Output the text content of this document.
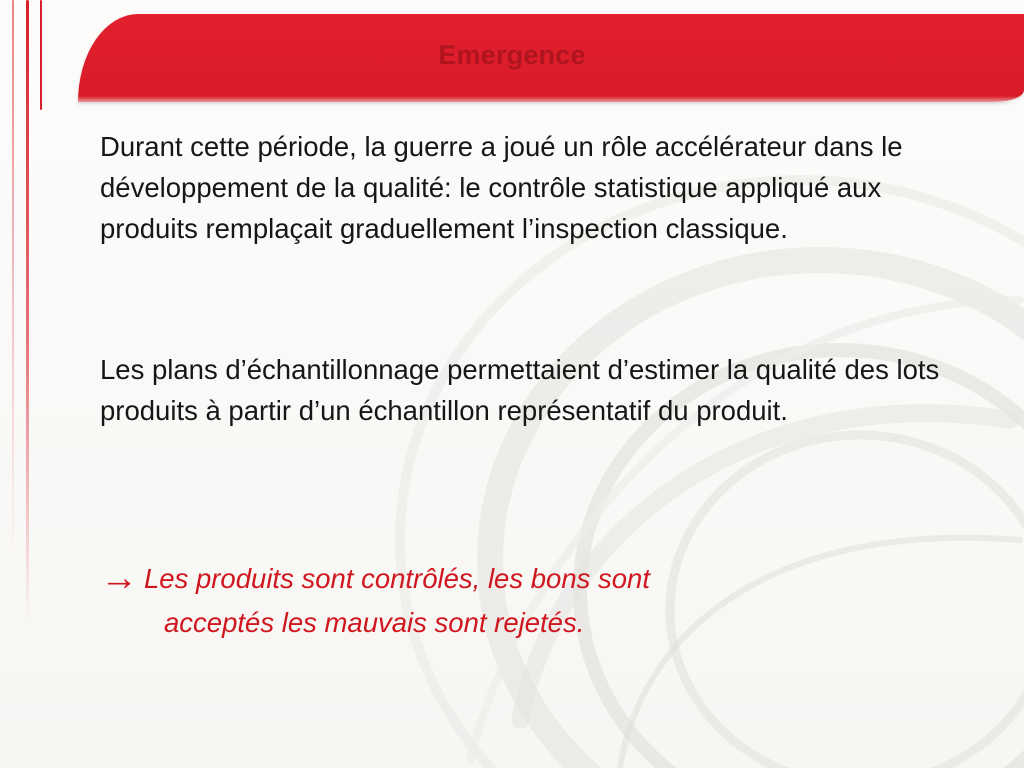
Emergence
Durant cette période, la guerre a joué un rôle accélérateur dans le développement de la qualité: le contrôle statistique appliqué aux produits remplaçait graduellement l’inspection classique.
Les plans d’échantillonnage permettaient d’estimer la qualité des lots produits à partir d’un échantillon représentatif du produit.
→ Les produits sont contrôlés, les bons sont
acceptés les mauvais sont rejetés.
